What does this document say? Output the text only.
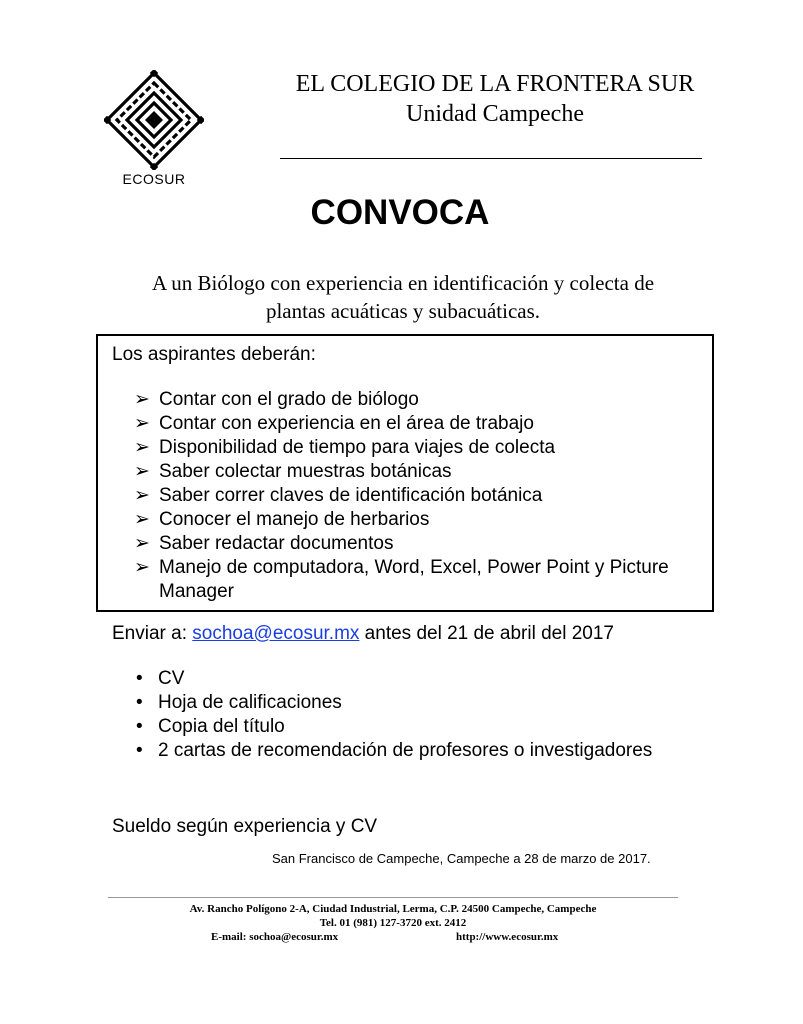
ECOSUR
EL COLEGIO DE LA FRONTERA SUR
Unidad Campeche
CONVOCA
A un Biólogo con experiencia en identificación y colecta de
plantas acuáticas y subacuáticas.
Los aspirantes deberán:
➢ Contar con el grado de biólogo
➢ Contar con experiencia en el área de trabajo
➢ Disponibilidad de tiempo para viajes de colecta
➢ Saber colectar muestras botánicas
➢ Saber correr claves de identificación botánica
➢ Conocer el manejo de herbarios
➢ Saber redactar documentos
➢ Manejo de computadora, Word, Excel, Power Point y Picture Manager
Enviar a: sochoa@ecosur.mx antes del 21 de abril del 2017
• CV
• Hoja de calificaciones
• Copia del título
• 2 cartas de recomendación de profesores o investigadores
Sueldo según experiencia y CV
San Francisco de Campeche, Campeche a 28 de marzo de 2017.
Av. Rancho Polígono 2-A, Ciudad Industrial, Lerma, C.P. 24500 Campeche, Campeche
Tel. 01 (981) 127-3720 ext. 2412
E-mail: sochoa@ecosur.mx	http://www.ecosur.mx
